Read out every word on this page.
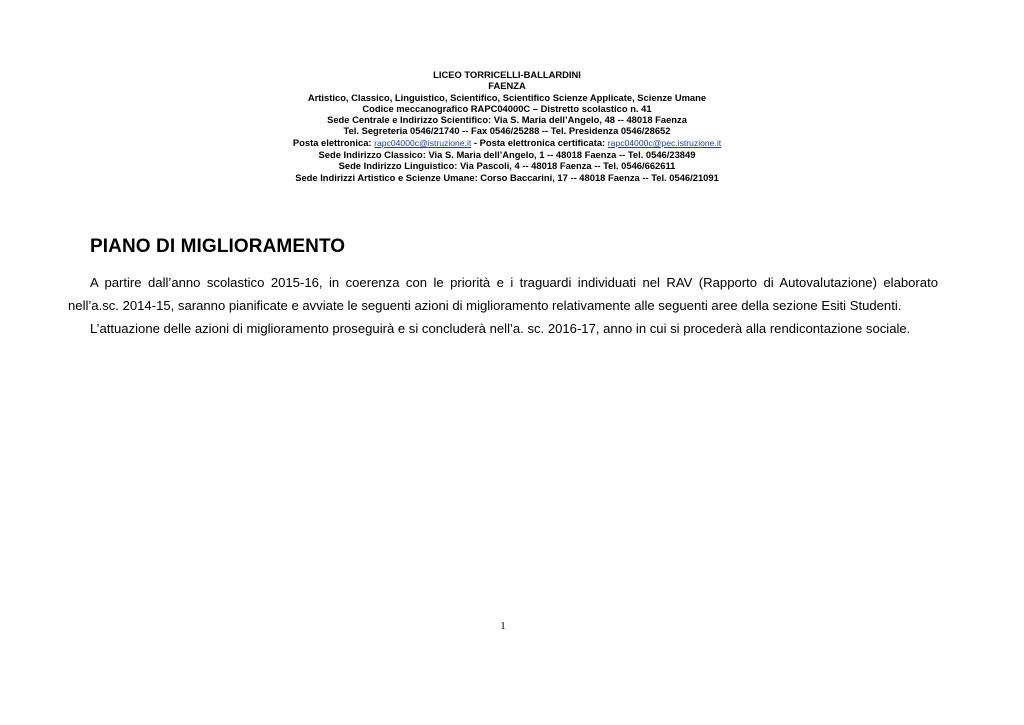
LICEO TORRICELLI-BALLARDINI
FAENZA
Artistico, Classico, Linguistico, Scientifico, Scientifico Scienze Applicate, Scienze Umane
Codice meccanografico RAPC04000C – Distretto scolastico n. 41
Sede Centrale e Indirizzo Scientifico: Via S. Maria dell’Angelo, 48 -- 48018 Faenza
Tel. Segreteria 0546/21740 -- Fax 0546/25288 -- Tel. Presidenza 0546/28652
Posta elettronica: rapc04000c@istruzione.it - Posta elettronica certificata: rapc04000c@pec.istruzione.it
Sede Indirizzo Classico: Via S. Maria dell’Angelo, 1 -- 48018 Faenza -- Tel. 0546/23849
Sede Indirizzo Linguistico: Via Pascoli, 4 -- 48018 Faenza -- Tel. 0546/662611
Sede Indirizzi Artistico e Scienze Umane: Corso Baccarini, 17 -- 48018 Faenza -- Tel. 0546/21091
PIANO DI MIGLIORAMENTO

A partire dall’anno scolastico 2015-16, in coerenza con le priorità e i traguardi individuati nel RAV (Rapporto di Autovalutazione) elaborato nell’a.sc. 2014-15, saranno pianificate e avviate le seguenti azioni di miglioramento relativamente alle seguenti aree della sezione Esiti Studenti.

L’attuazione delle azioni di miglioramento proseguirà e si concluderà nell’a. sc. 2016-17, anno in cui si procederà alla rendicontazione sociale.

1
